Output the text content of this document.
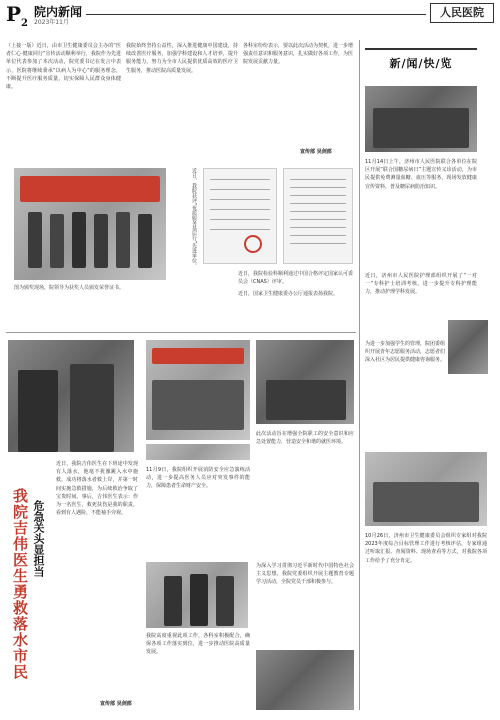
$P_2$
院内新闻
2023年11月
人民医院
（上接一版）近日，由市卫生健康委员会主办的“医者仁心·健康同行”宣传活动顺利举行，我院作为先进单位代表参加了本次活动，院党委书记在发言中表示，医院将继续秉承“以病人为中心”的服务理念，不断提升医疗服务质量，切实保障人民群众身体健康。
我院始终坚持公益性，深入推进健康中国建设，持续改善医疗服务，加强学科建设和人才培养，提升服务能力，努力为全市人民提供优质高效的医疗卫生服务，推动医院高质量发展。
各科室纷纷表示，要以此次活动为契机，进一步增强责任意识和服务意识，扎实做好各项工作，为医院发展贡献力量。
宣传部 吴剑部
图为颁奖现场，院领导为获奖人员颁发荣誉证书。
近日，我院获评“优质服务基层行”先进单位。
近日，我院检验科顺利通过中国合格评定国家认可委员会（CNAS）评审。
近日，国家卫生健康委办公厅通报表扬我院。
我院吉伟医生勇救落水市民 危急关头显担当
近日，我院吉伟医生在下班途中发现有人落水，他毫不犹豫跳入水中施救，成功将落水者救上岸，并第一时间实施急救措施，为后续救治争取了宝贵时间。事后，吉伟医生表示：作为一名医生，救死扶伤是我的职责，看到有人遇险，不能袖手旁观。
11月9日，我院组织开展消防安全应急演练活动，进一步提高医务人员应对突发事件的能力，保障患者生命财产安全。
此次活动旨在增强全院职工的安全意识和应急处置能力，营造安全和谐的就医环境。
我院高度重视此项工作，各科室积极配合，确保各项工作落实到位，进一步推动医院高质量发展。
为深入学习贯彻习近平新时代中国特色社会主义思想，我院党委组织开展主题教育专题学习活动，全院党员干部积极参与。
宣传部 吴剑部
新/闻/快/览
11月14日上午，济州市人民医院联合各单位在院区开展“联合国糖尿病日”主题宣传义诊活动，为市民提供免费测量血糖、血压等服务，现场发放健康宣传资料，普及糖尿病防治知识。
近日，济州市人民医院护理部组织开展了“一对一”专科护士培训考核，进一步提升专科护理能力，推动护理学科发展。
为进一步加强学生的管理，院团委组织开展青年志愿服务活动，志愿者们深入社区为居民提供健康咨询服务。
10月26日，济州市卫生健康委员会组织专家组对我院2023年度综合目标管理工作进行考核评估，专家组通过听取汇报、查阅资料、现场查看等方式，对我院各项工作给予了充分肯定。
